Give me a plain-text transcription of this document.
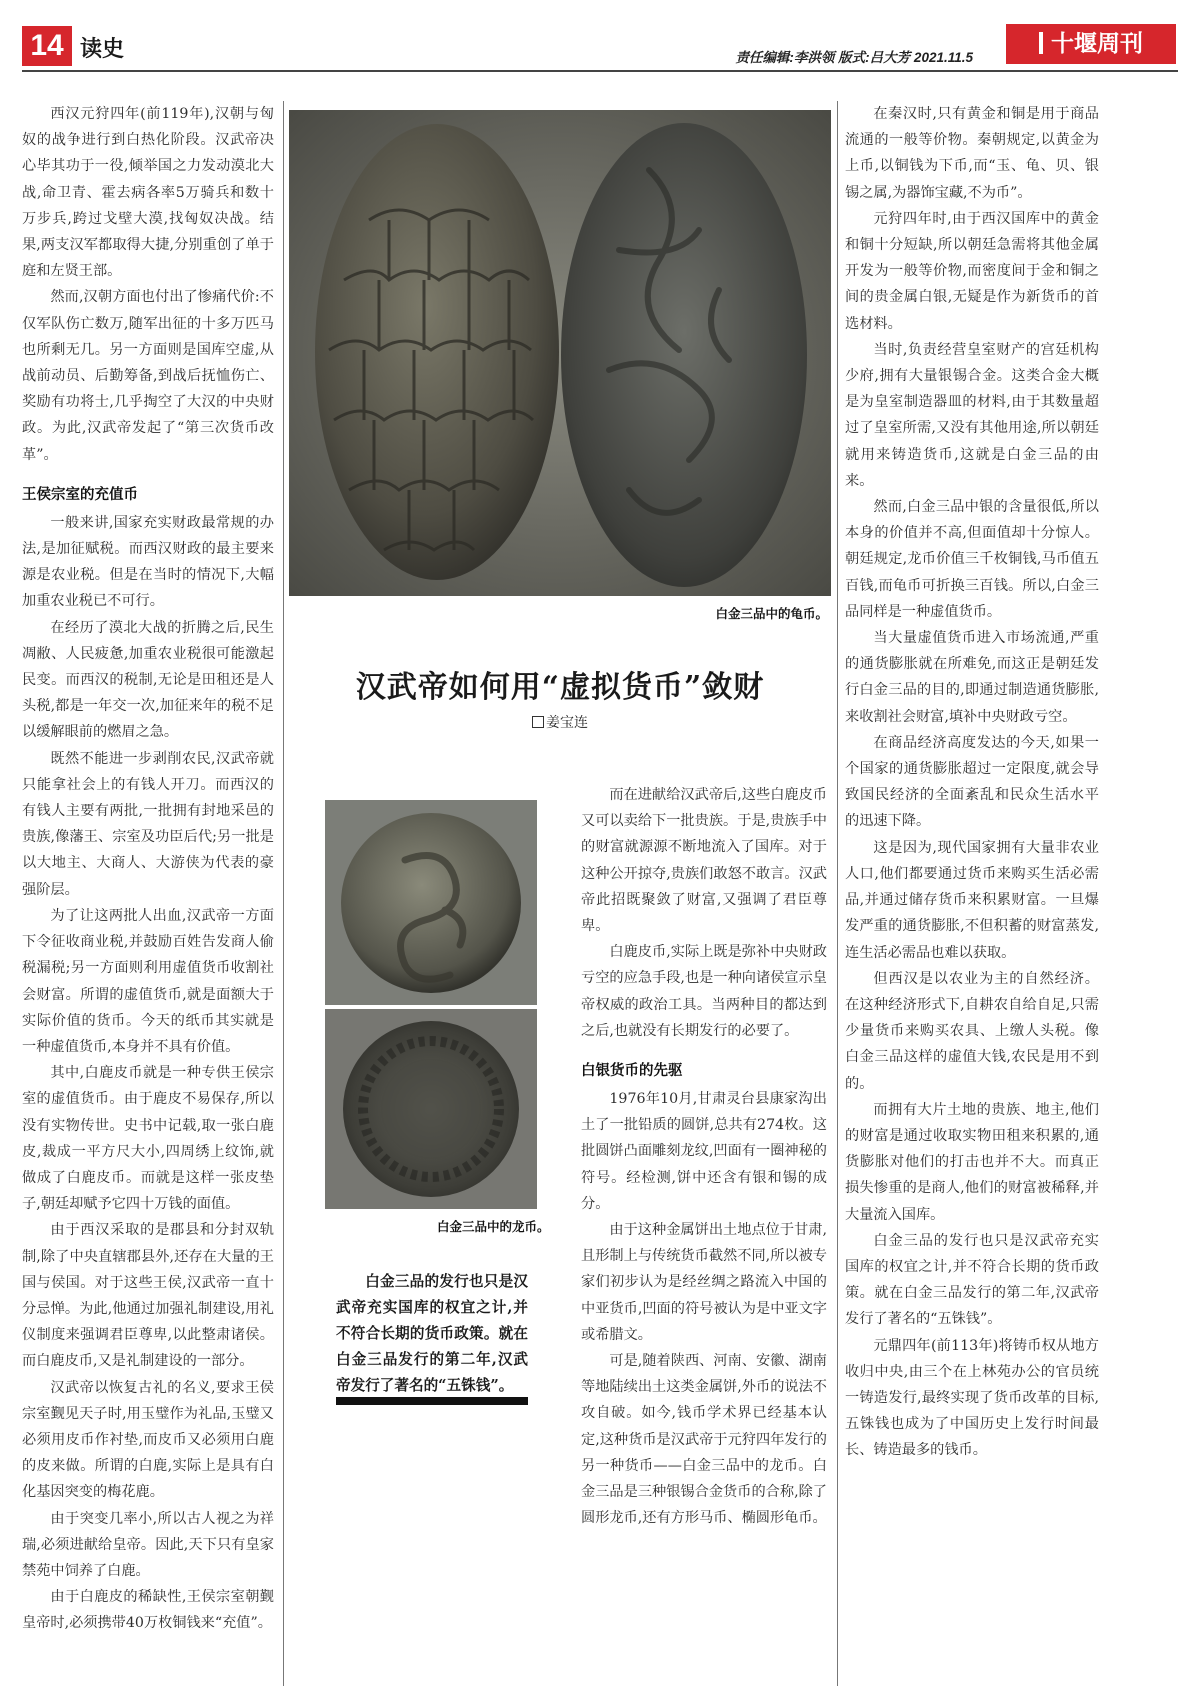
14 读史	责任编辑:李洪领 版式:吕大芳 2021.11.5
十堰周刊

西汉元狩四年(前119年),汉朝与匈奴的战争进行到白热化阶段。汉武帝决心毕其功于一役,倾举国之力发动漠北大战,命卫青、霍去病各率5万骑兵和数十万步兵,跨过戈壁大漠,找匈奴决战。结果,两支汉军都取得大捷,分别重创了单于庭和左贤王部。

然而,汉朝方面也付出了惨痛代价:不仅军队伤亡数万,随军出征的十多万匹马也所剩无几。另一方面则是国库空虚,从战前动员、后勤筹备,到战后抚恤伤亡、奖励有功将士,几乎掏空了大汉的中央财政。为此,汉武帝发起了“第三次货币改革”。

王侯宗室的充值币

一般来讲,国家充实财政最常规的办法,是加征赋税。而西汉财政的最主要来源是农业税。但是在当时的情况下,大幅加重农业税已不可行。

在经历了漠北大战的折腾之后,民生凋敝、人民疲惫,加重农业税很可能激起民变。而西汉的税制,无论是田租还是人头税,都是一年交一次,加征来年的税不足以缓解眼前的燃眉之急。

既然不能进一步剥削农民,汉武帝就只能拿社会上的有钱人开刀。而西汉的有钱人主要有两批,一批拥有封地采邑的贵族,像藩王、宗室及功臣后代;另一批是以大地主、大商人、大游侠为代表的豪强阶层。

为了让这两批人出血,汉武帝一方面下令征收商业税,并鼓励百姓告发商人偷税漏税;另一方面则利用虚值货币收割社会财富。所谓的虚值货币,就是面额大于实际价值的货币。今天的纸币其实就是一种虚值货币,本身并不具有价值。

其中,白鹿皮币就是一种专供王侯宗室的虚值货币。由于鹿皮不易保存,所以没有实物传世。史书中记载,取一张白鹿皮,裁成一平方尺大小,四周绣上纹饰,就做成了白鹿皮币。而就是这样一张皮垫子,朝廷却赋予它四十万钱的面值。

由于西汉采取的是郡县和分封双轨制,除了中央直辖郡县外,还存在大量的王国与侯国。对于这些王侯,汉武帝一直十分忌惮。为此,他通过加强礼制建设,用礼仪制度来强调君臣尊卑,以此整肃诸侯。而白鹿皮币,又是礼制建设的一部分。

汉武帝以恢复古礼的名义,要求王侯宗室觐见天子时,用玉璧作为礼品,玉璧又必须用皮币作衬垫,而皮币又必须用白鹿的皮来做。所谓的白鹿,实际上是具有白化基因突变的梅花鹿。

由于突变几率小,所以古人视之为祥瑞,必须进献给皇帝。因此,天下只有皇家禁苑中饲养了白鹿。

由于白鹿皮的稀缺性,王侯宗室朝觐皇帝时,必须携带40万枚铜钱来“充值”。

白金三品中的龟币。
汉武帝如何用“虚拟货币”敛财
姜宝连
白金三品中的龙币。

白金三品的发行也只是汉武帝充实国库的权宜之计,并不符合长期的货币政策。就在白金三品发行的第二年,汉武帝发行了著名的“五铢钱”。

而在进献给汉武帝后,这些白鹿皮币又可以卖给下一批贵族。于是,贵族手中的财富就源源不断地流入了国库。对于这种公开掠夺,贵族们敢怒不敢言。汉武帝此招既聚敛了财富,又强调了君臣尊卑。

白鹿皮币,实际上既是弥补中央财政亏空的应急手段,也是一种向诸侯宣示皇帝权威的政治工具。当两种目的都达到之后,也就没有长期发行的必要了。

白银货币的先驱

1976年10月,甘肃灵台县康家沟出土了一批铅质的圆饼,总共有274枚。这批圆饼凸面雕刻龙纹,凹面有一圈神秘的符号。经检测,饼中还含有银和锡的成分。

由于这种金属饼出土地点位于甘肃,且形制上与传统货币截然不同,所以被专家们初步认为是经丝绸之路流入中国的中亚货币,凹面的符号被认为是中亚文字或希腊文。

可是,随着陕西、河南、安徽、湖南等地陆续出土这类金属饼,外币的说法不攻自破。如今,钱币学术界已经基本认定,这种货币是汉武帝于元狩四年发行的另一种货币——白金三品中的龙币。白金三品是三种银锡合金货币的合称,除了圆形龙币,还有方形马币、椭圆形龟币。

在秦汉时,只有黄金和铜是用于商品流通的一般等价物。秦朝规定,以黄金为上币,以铜钱为下币,而“玉、龟、贝、银锡之属,为器饰宝藏,不为币”。

元狩四年时,由于西汉国库中的黄金和铜十分短缺,所以朝廷急需将其他金属开发为一般等价物,而密度间于金和铜之间的贵金属白银,无疑是作为新货币的首选材料。

当时,负责经营皇室财产的宫廷机构少府,拥有大量银锡合金。这类合金大概是为皇室制造器皿的材料,由于其数量超过了皇室所需,又没有其他用途,所以朝廷就用来铸造货币,这就是白金三品的由来。

然而,白金三品中银的含量很低,所以本身的价值并不高,但面值却十分惊人。朝廷规定,龙币价值三千枚铜钱,马币值五百钱,而龟币可折换三百钱。所以,白金三品同样是一种虚值货币。

当大量虚值货币进入市场流通,严重的通货膨胀就在所难免,而这正是朝廷发行白金三品的目的,即通过制造通货膨胀,来收割社会财富,填补中央财政亏空。

在商品经济高度发达的今天,如果一个国家的通货膨胀超过一定限度,就会导致国民经济的全面紊乱和民众生活水平的迅速下降。

这是因为,现代国家拥有大量非农业人口,他们都要通过货币来购买生活必需品,并通过储存货币来积累财富。一旦爆发严重的通货膨胀,不但积蓄的财富蒸发,连生活必需品也难以获取。

但西汉是以农业为主的自然经济。在这种经济形式下,自耕农自给自足,只需少量货币来购买农具、上缴人头税。像白金三品这样的虚值大钱,农民是用不到的。

而拥有大片土地的贵族、地主,他们的财富是通过收取实物田租来积累的,通货膨胀对他们的打击也并不大。而真正损失惨重的是商人,他们的财富被稀释,并大量流入国库。

白金三品的发行也只是汉武帝充实国库的权宜之计,并不符合长期的货币政策。就在白金三品发行的第二年,汉武帝发行了著名的“五铢钱”。

元鼎四年(前113年)将铸币权从地方收归中央,由三个在上林苑办公的官员统一铸造发行,最终实现了货币改革的目标,五铢钱也成为了中国历史上发行时间最长、铸造最多的钱币。
